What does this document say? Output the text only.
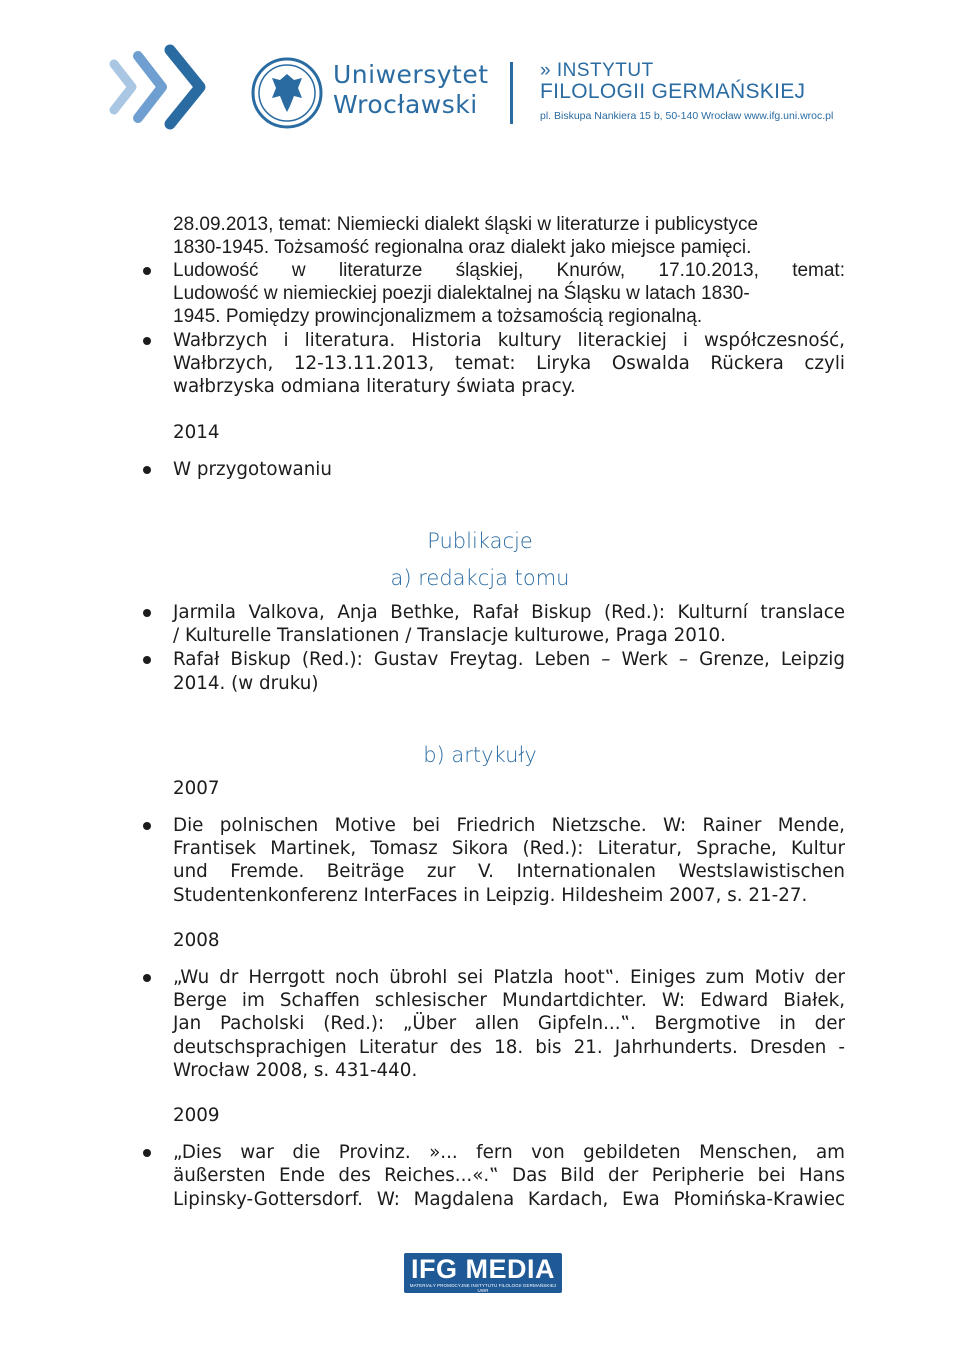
Uniwersytet
Wrocławski
» INSTYTUT
FILOLOGII GERMAŃSKIEJ
pl. Biskupa Nankiera 15 b, 50-140 Wrocław www.ifg.uni.wroc.pl
28.09.2013, temat: Niemiecki dialekt śląski w literaturze i publicystyce
1830-1945. Tożsamość regionalna oraz dialekt jako miejsce pamięci.
Ludowość w literaturze śląskiej, Knurów, 17.10.2013, temat:
Ludowość w niemieckiej poezji dialektalnej na Śląsku w latach 1830-
1945. Pomiędzy prowincjonalizmem a tożsamością regionalną.
Wałbrzych i literatura. Historia kultury literackiej i współczesność,
Wałbrzych, 12-13.11.2013, temat: Liryka Oswalda Rückera czyli
wałbrzyska odmiana literatury świata pracy.
2014
W przygotowaniu
Publikacje
a) redakcja tomu
Jarmila Valkova, Anja Bethke, Rafał Biskup (Red.): Kulturní translace
/ Kulturelle Translationen / Translacje kulturowe, Praga 2010.
Rafał Biskup (Red.): Gustav Freytag. Leben – Werk – Grenze, Leipzig
2014. (w druku)
b) artykuły
2007
Die polnischen Motive bei Friedrich Nietzsche. W: Rainer Mende,
Frantisek Martinek, Tomasz Sikora (Red.): Literatur, Sprache, Kultur
und Fremde. Beiträge zur V. Internationalen Westslawistischen
Studentenkonferenz InterFaces in Leipzig. Hildesheim 2007, s. 21-27.
2008
„Wu dr Herrgott noch übrohl sei Platzla hoot‟. Einiges zum Motiv der
Berge im Schaffen schlesischer Mundartdichter. W: Edward Białek,
Jan Pacholski (Red.): „Über allen Gipfeln...‟. Bergmotive in der
deutschsprachigen Literatur des 18. bis 21. Jahrhunderts. Dresden -
Wrocław 2008, s. 431-440.
2009
„Dies war die Provinz. »... fern von gebildeten Menschen, am
äußersten Ende des Reiches...«.‟ Das Bild der Peripherie bei Hans
Lipinsky-Gottersdorf. W: Magdalena Kardach, Ewa Płomińska-Krawiec
IFG MEDIA
MATERIAŁY PROMOCYJNE INSTYTUTU FILOLOGII GERMAŃSKIEJ UWR
